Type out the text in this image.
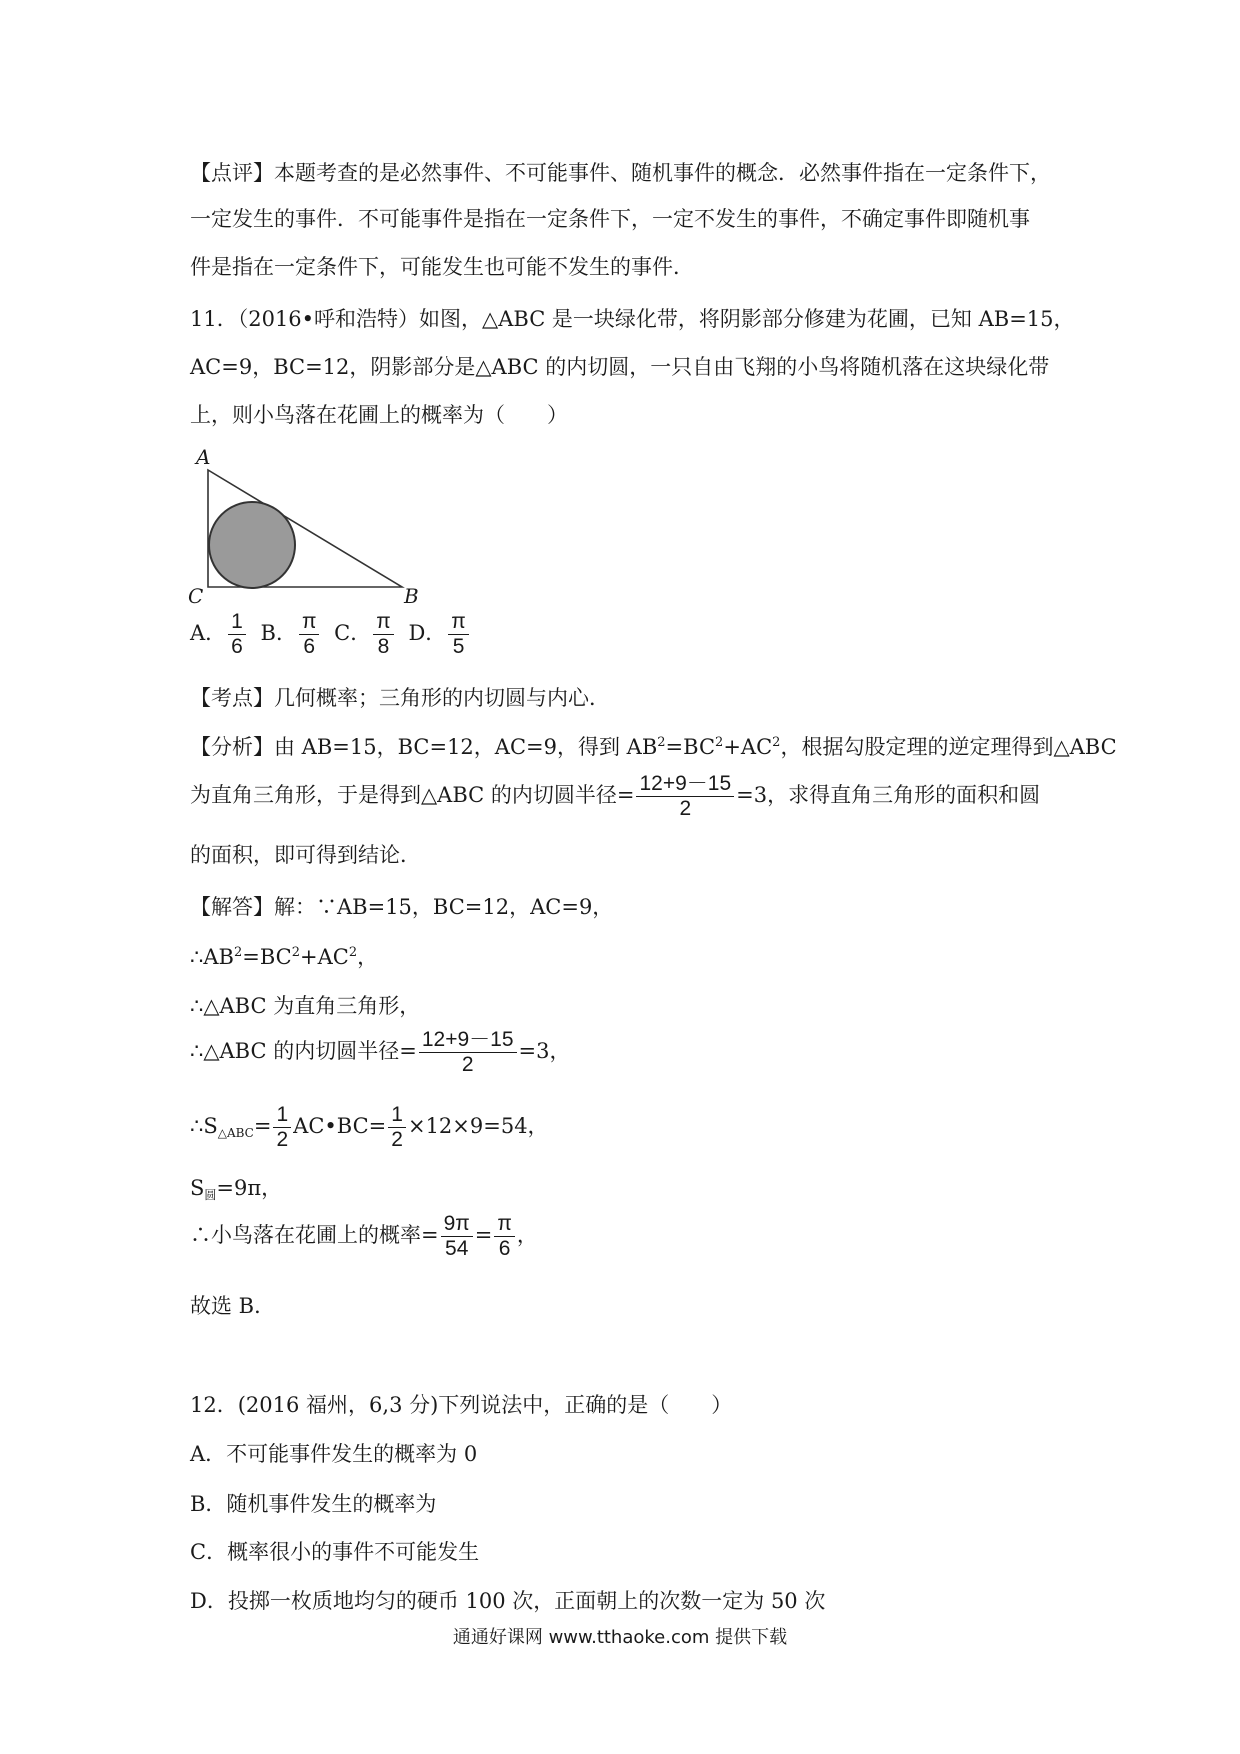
【点评】本题考查的是必然事件、不可能事件、随机事件的概念．必然事件指在一定条件下，
一定发生的事件．不可能事件是指在一定条件下，一定不发生的事件，不确定事件即随机事
件是指在一定条件下，可能发生也可能不发生的事件．
11．（2016•呼和浩特）如图，△ABC 是一块绿化带，将阴影部分修建为花圃，已知 AB=15，
AC=9，BC=12，阴影部分是△ABC 的内切圆，一只自由飞翔的小鸟将随机落在这块绿化带
上，则小鸟落在花圃上的概率为（　　）
A
C	B
A． $\frac{1}{6}$ B． $\frac{\pi}{6}$ C． $\frac{\pi}{8}$ D． $\frac{\pi}{5}$
【考点】几何概率；三角形的内切圆与内心．
【分析】由 AB=15，BC=12，AC=9，得到 $AB^2=BC^2+AC^2$，根据勾股定理的逆定理得到△ABC
为直角三角形，于是得到△ABC 的内切圆半径= $\frac{12+9-15}{2} =3$，求得直角三角形的面积和圆
的面积，即可得到结论．
【解答】解：∵AB=15，BC=12，AC=9，
$\therefore AB^2=BC^2+AC^2$，
∴△ABC 为直角三角形，
∴△ABC 的内切圆半径= $\frac{12+9-15}{2} =3$，
$\therefore S_{\triangle ABC}= \frac{1}{2}$ AC•BC= $\frac{1}{2} \times 12\times 9=54$，
$S_圆=9\pi$，
∴小鸟落在花圃上的概率= $\frac{9\pi}{54} = \frac{\pi}{6}$ ，
故选 B．
12．(2016 福州，6,3 分)下列说法中，正确的是（　　）
A．不可能事件发生的概率为 0
B．随机事件发生的概率为
C．概率很小的事件不可能发生
D．投掷一枚质地均匀的硬币 100 次，正面朝上的次数一定为 50 次
通通好课网 www.tthaoke.com 提供下载
